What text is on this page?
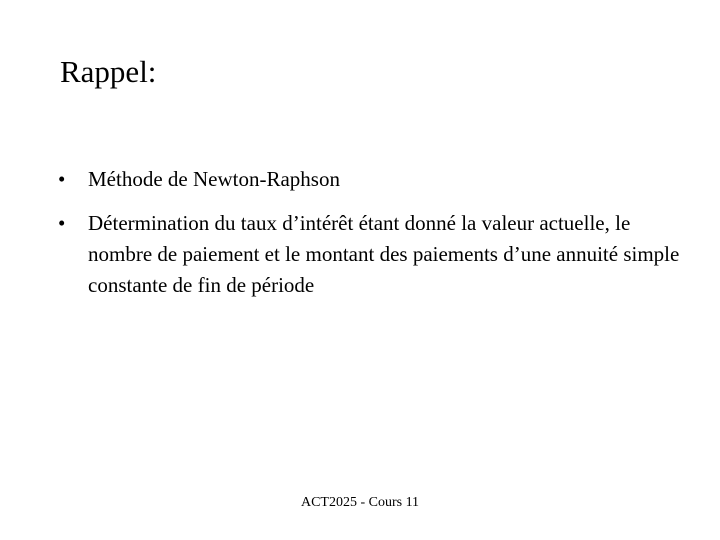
Rappel:
• Méthode de Newton-Raphson
• Détermination du taux d’intérêt étant donné la valeur actuelle, le nombre de paiement et le montant des paiements d’une annuité simple constante de fin de période
ACT2025 - Cours 11
